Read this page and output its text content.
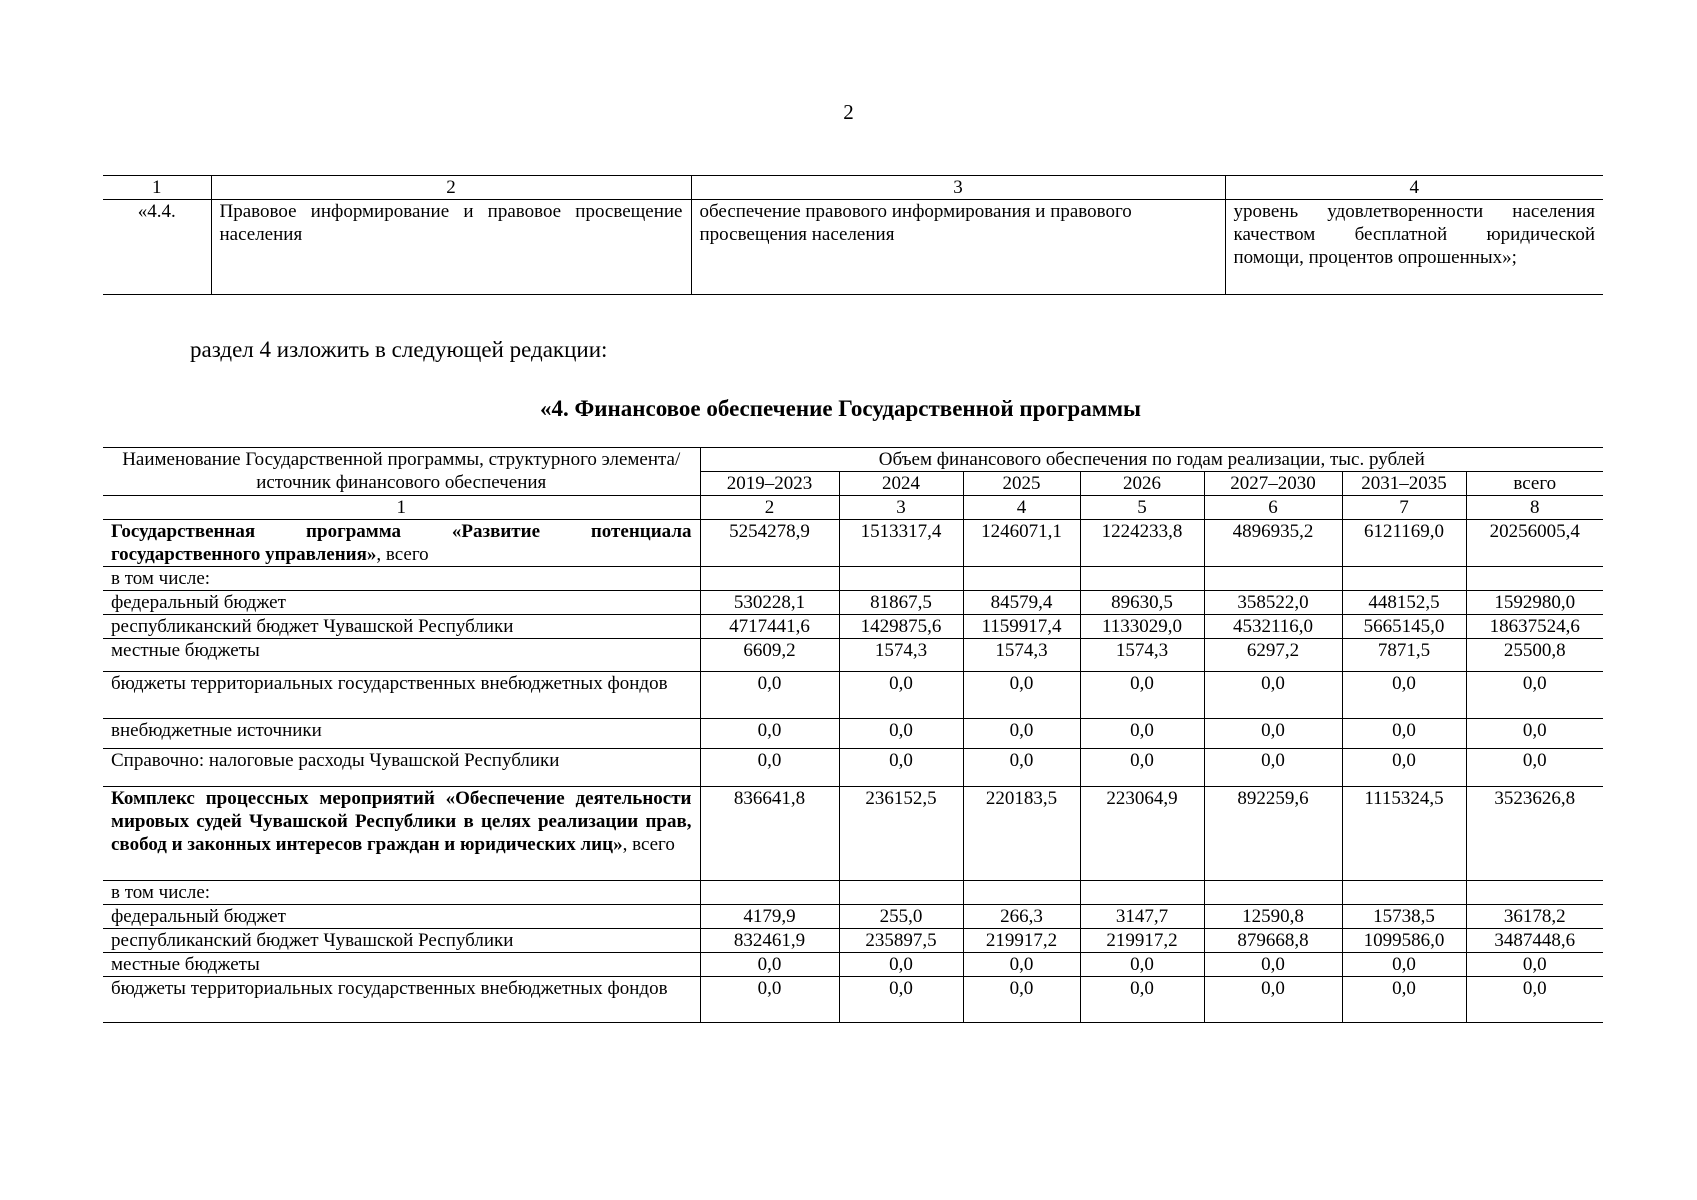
2
1	2	3	4
«4.4.	Правовое информирование и правовое просвещение населения	обеспечение правового информирования и правового просвещения населения	уровень удовлетворенности населения качеством бесплатной юридической помощи, процентов опрошенных»;
раздел 4 изложить в следующей редакции:
«4. Финансовое обеспечение Государственной программы
Наименование Государственной программы, структурного элемента/источник финансового обеспечения	Объем финансового обеспечения по годам реализации, тыс. рублей						
	2019–2023	2024	2025	2026	2027–2030	2031–2035	всего
1	2	3	4	5	6	7	8
Государственная программа «Развитие потенциала государственного управления», всего	5254278,9	1513317,4	1246071,1	1224233,8	4896935,2	6121169,0	20256005,4
в том числе:							
федеральный бюджет	530228,1	81867,5	84579,4	89630,5	358522,0	448152,5	1592980,0
республиканский бюджет Чувашской Республики	4717441,6	1429875,6	1159917,4	1133029,0	4532116,0	5665145,0	18637524,6
местные бюджеты	6609,2	1574,3	1574,3	1574,3	6297,2	7871,5	25500,8
бюджеты территориальных государственных внебюджетных фондов	0,0	0,0	0,0	0,0	0,0	0,0	0,0
внебюджетные источники	0,0	0,0	0,0	0,0	0,0	0,0	0,0
Справочно: налоговые расходы Чувашской Республики	0,0	0,0	0,0	0,0	0,0	0,0	0,0
Комплекс процессных мероприятий «Обеспечение деятельности мировых судей Чувашской Республики в целях реализации прав, свобод и законных интересов граждан и юридических лиц», всего	836641,8	236152,5	220183,5	223064,9	892259,6	1115324,5	3523626,8
в том числе:							
федеральный бюджет	4179,9	255,0	266,3	3147,7	12590,8	15738,5	36178,2
республиканский бюджет Чувашской Республики	832461,9	235897,5	219917,2	219917,2	879668,8	1099586,0	3487448,6
местные бюджеты	0,0	0,0	0,0	0,0	0,0	0,0	0,0
бюджеты территориальных государственных внебюджетных фондов	0,0	0,0	0,0	0,0	0,0	0,0	0,0
